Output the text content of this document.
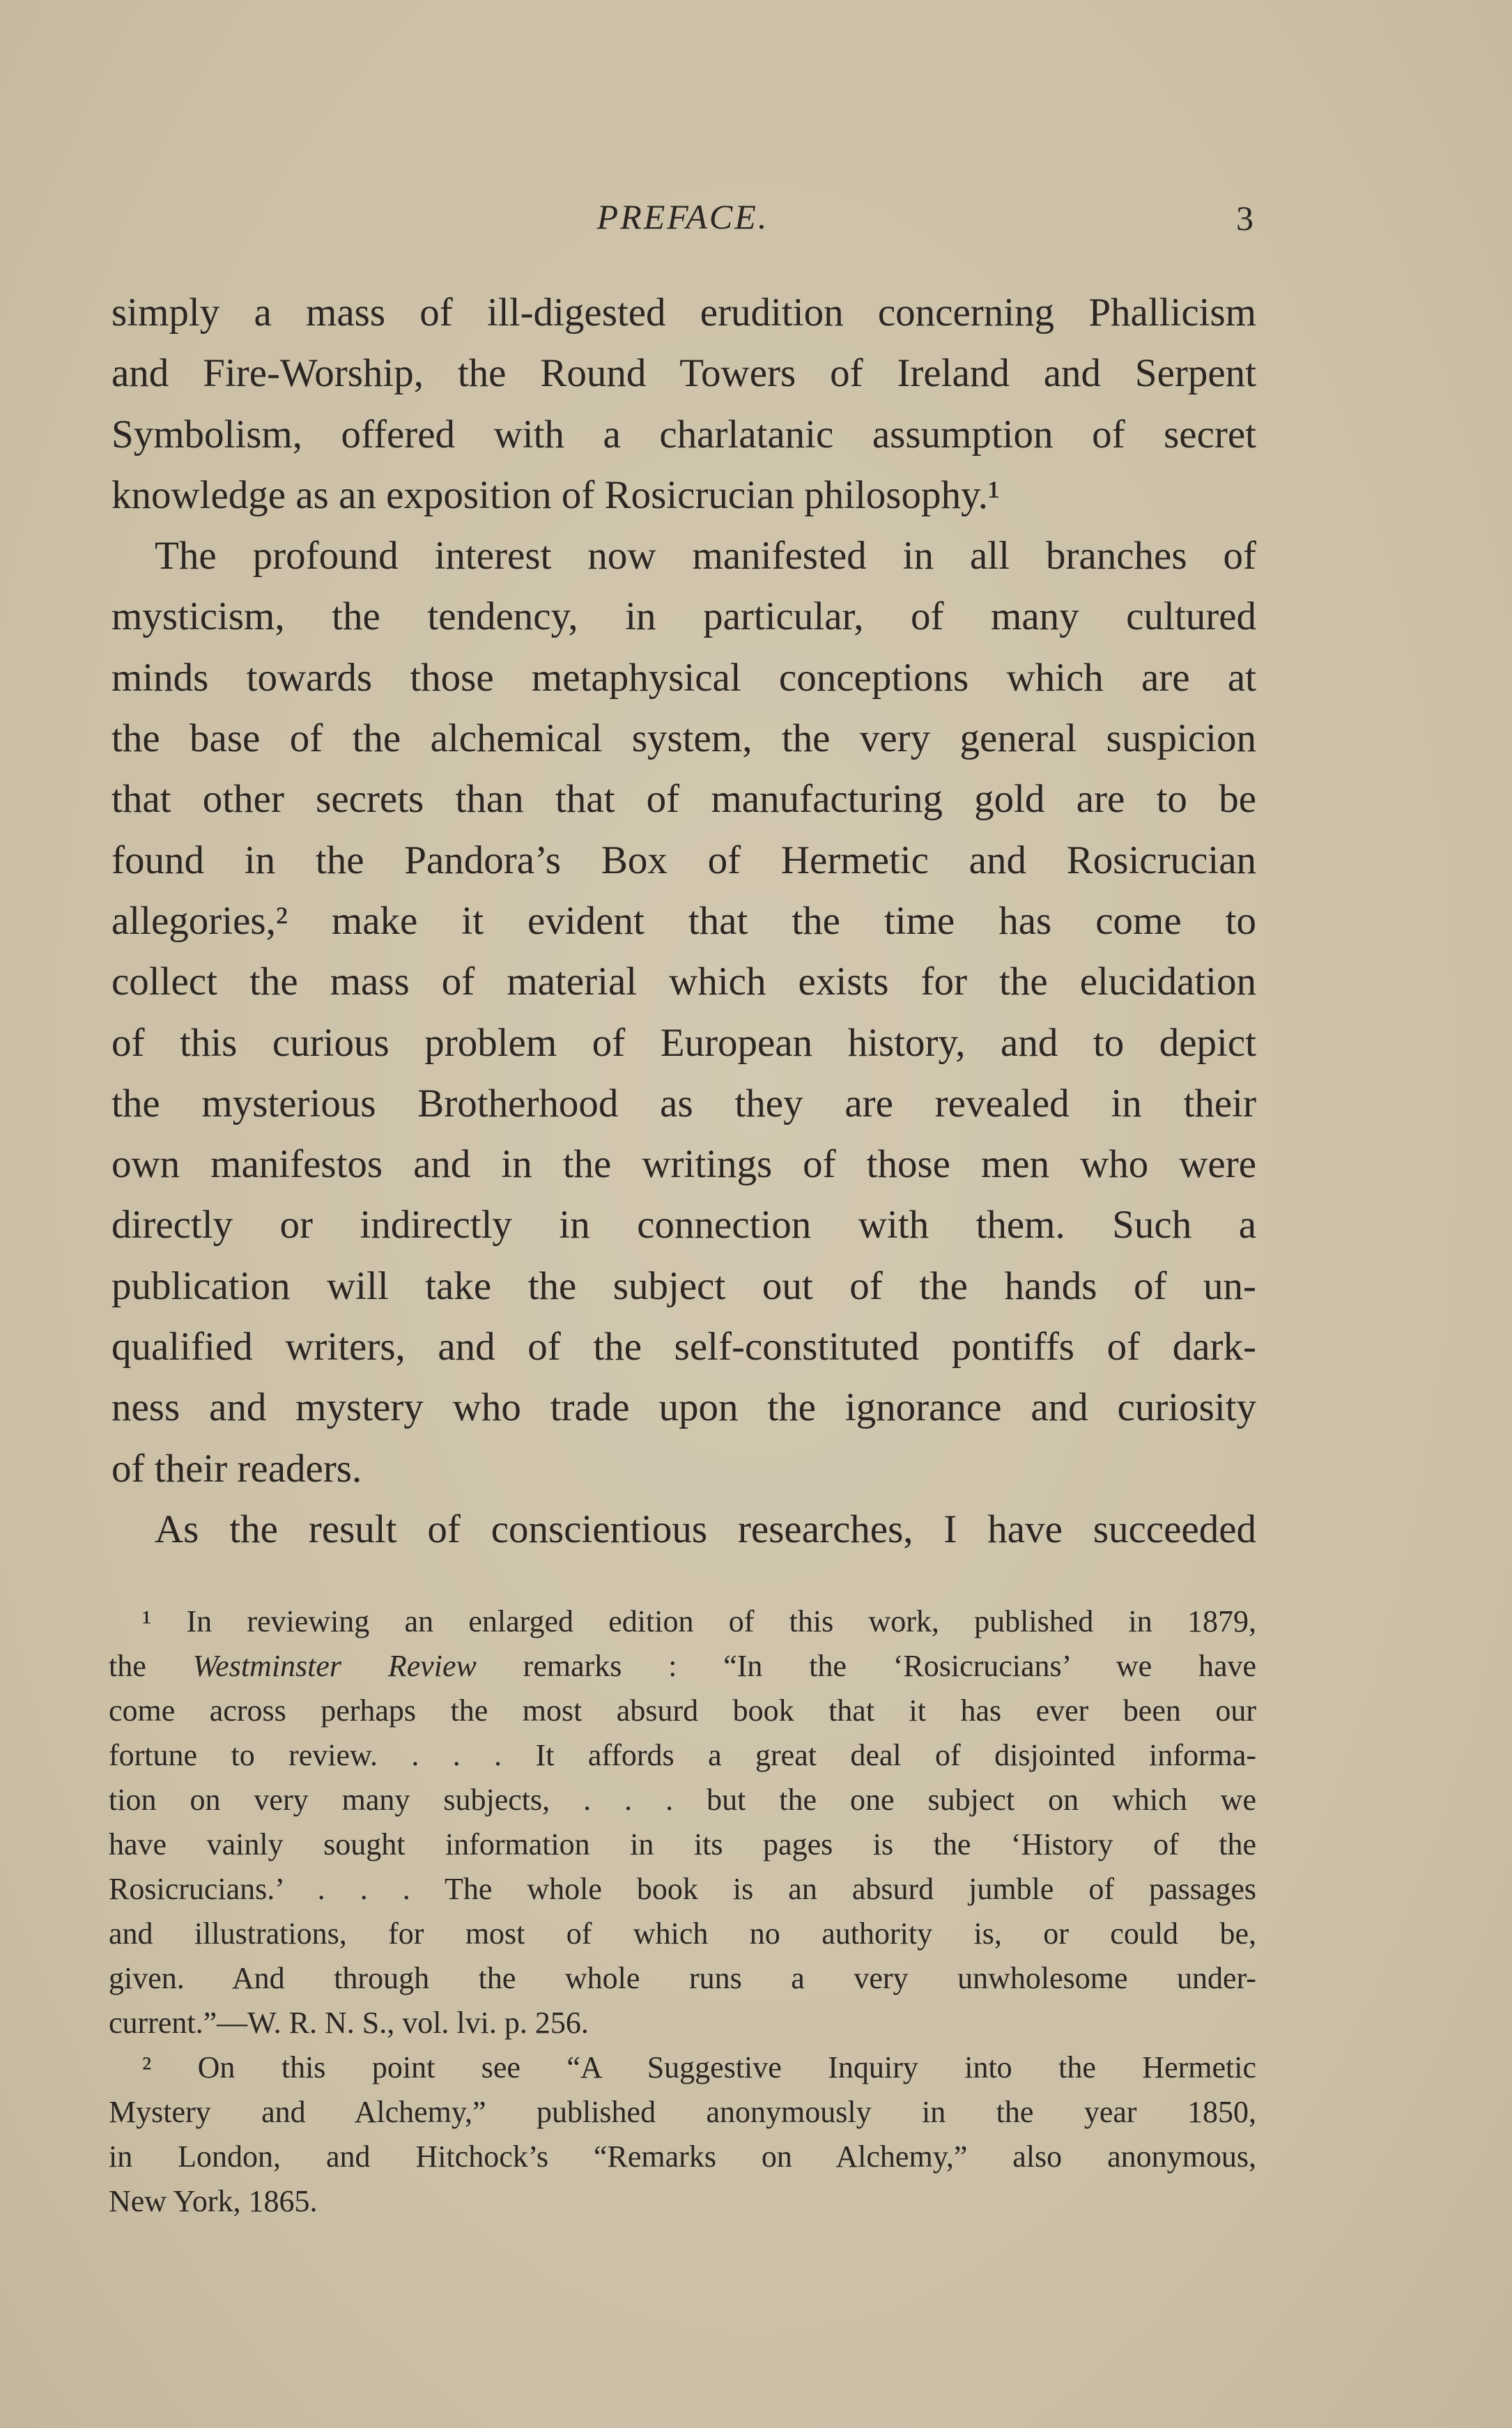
PREFACE.	3
simply a mass of ill-digested erudition concerning Phallicism
and Fire-Worship, the Round Towers of Ireland and Serpent
Symbolism, offered with a charlatanic assumption of secret
knowledge as an exposition of Rosicrucian philosophy.¹
The profound interest now manifested in all branches of
mysticism, the tendency, in particular, of many cultured
minds towards those metaphysical conceptions which are at
the base of the alchemical system, the very general suspicion
that other secrets than that of manufacturing gold are to be
found in the Pandora’s Box of Hermetic and Rosicrucian
allegories,² make it evident that the time has come to
collect the mass of material which exists for the elucidation
of this curious problem of European history, and to depict
the mysterious Brotherhood as they are revealed in their
own manifestos and in the writings of those men who were
directly or indirectly in connection with them. Such a
publication will take the subject out of the hands of un-
qualified writers, and of the self-constituted pontiffs of dark-
ness and mystery who trade upon the ignorance and curiosity
of their readers.
As the result of conscientious researches, I have succeeded
¹ In reviewing an enlarged edition of this work, published in 1879,
the Westminster Review remarks : “In the ‘Rosicrucians’ we have
come across perhaps the most absurd book that it has ever been our
fortune to review. . . . It affords a great deal of disjointed informa-
tion on very many subjects, . . . but the one subject on which we
have vainly sought information in its pages is the ‘History of the
Rosicrucians.’ . . . The whole book is an absurd jumble of passages
and illustrations, for most of which no authority is, or could be,
given. And through the whole runs a very unwholesome under-
current.”—W. R. N. S., vol. lvi. p. 256.
² On this point see “A Suggestive Inquiry into the Hermetic
Mystery and Alchemy,” published anonymously in the year 1850,
in London, and Hitchock’s “Remarks on Alchemy,” also anonymous,
New York, 1865.
